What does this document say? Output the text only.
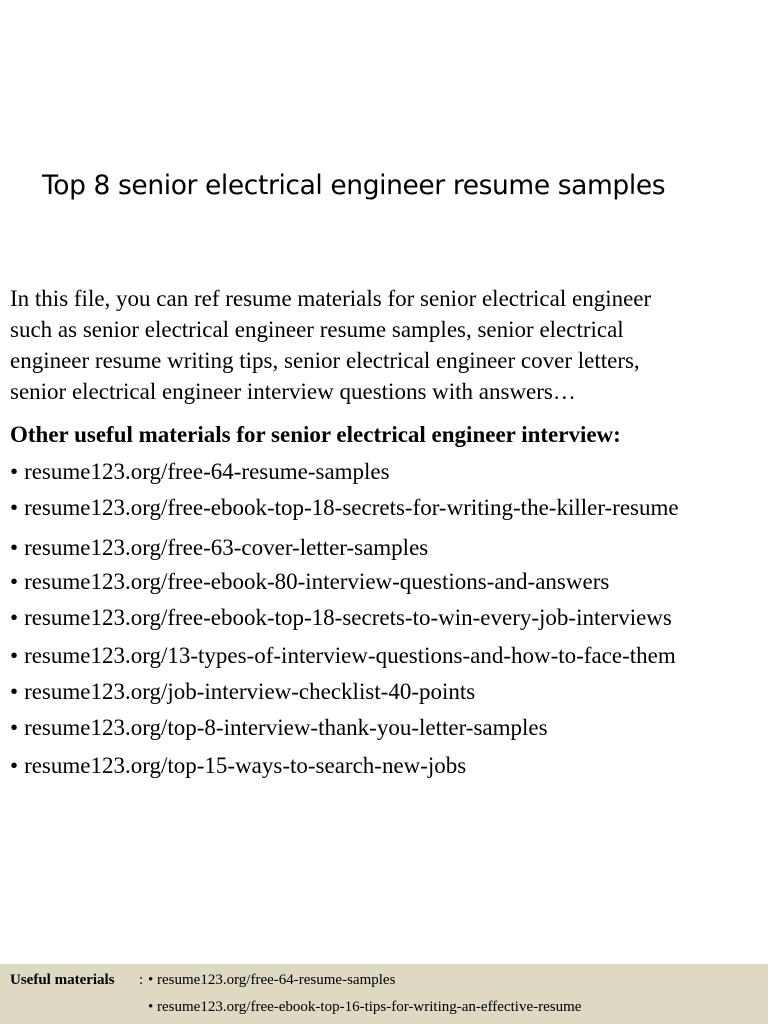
Top 8 senior electrical engineer resume samples

In this file, you can ref resume materials for senior electrical engineer
such as senior electrical engineer resume samples, senior electrical
engineer resume writing tips, senior electrical engineer cover letters,
senior electrical engineer interview questions with answers…

Other useful materials for senior electrical engineer interview:
• resume123.org/free-64-resume-samples
• resume123.org/free-ebook-top-18-secrets-for-writing-the-killer-resume
• resume123.org/free-63-cover-letter-samples
• resume123.org/free-ebook-80-interview-questions-and-answers
• resume123.org/free-ebook-top-18-secrets-to-win-every-job-interviews
• resume123.org/13-types-of-interview-questions-and-how-to-face-them
• resume123.org/job-interview-checklist-40-points
• resume123.org/top-8-interview-thank-you-letter-samples
• resume123.org/top-15-ways-to-search-new-jobs
Useful materials : • resume123.org/free-64-resume-samples
• resume123.org/free-ebook-top-16-tips-for-writing-an-effective-resume
